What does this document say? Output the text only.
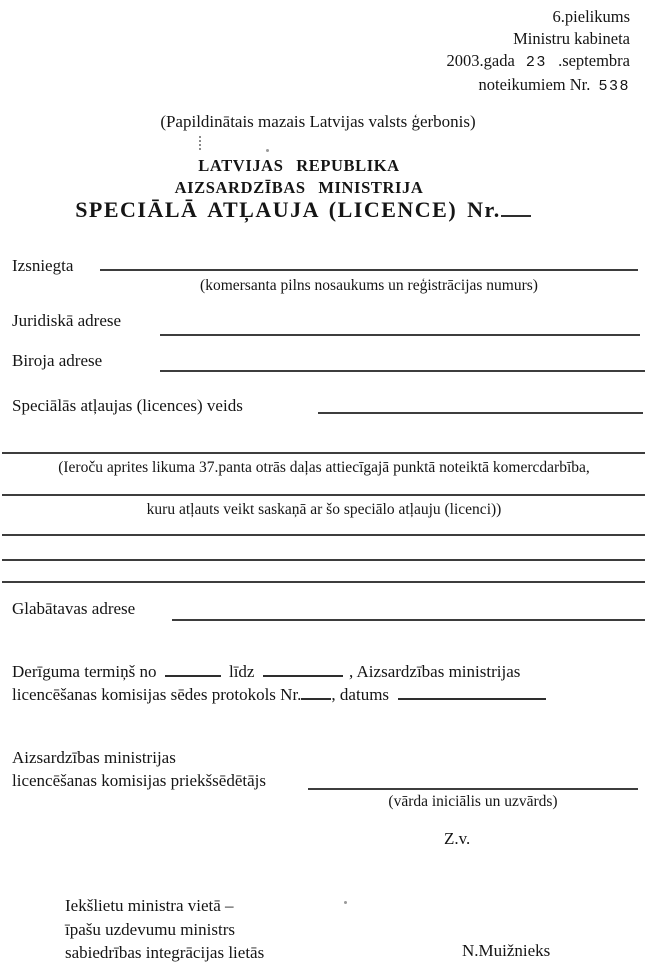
6.pielikums
Ministru kabineta
2003.gada 23 .septembra
noteikumiem Nr. 538
(Papildinātais mazais Latvijas valsts ģerbonis)
LATVIJAS REPUBLIKA
AIZSARDZĪBAS MINISTRIJA
SPECIĀLĀ ATĻAUJA (LICENCE) Nr.
Izsniegta
(komersanta pilns nosaukums un reģistrācijas numurs)
Juridiskā adrese
Biroja adrese
Speciālās atļaujas (licences) veids
(Ieroču aprites likuma 37.panta otrās daļas attiecīgajā punktā noteiktā komercdarbība,
kuru atļauts veikt saskaņā ar šo speciālo atļauju (licenci))
Glabātavas adrese
Derīguma termiņš no	līdz	, Aizsardzības ministrijas
licencēšanas komisijas sēdes protokols Nr. , datums
Aizsardzības ministrijas
licencēšanas komisijas priekšsēdētājs
(vārda iniciālis un uzvārds)
Z.v.
Iekšlietu ministra vietā –
īpašu uzdevumu ministrs
sabiedrības integrācijas lietās	N.Muižnieks
